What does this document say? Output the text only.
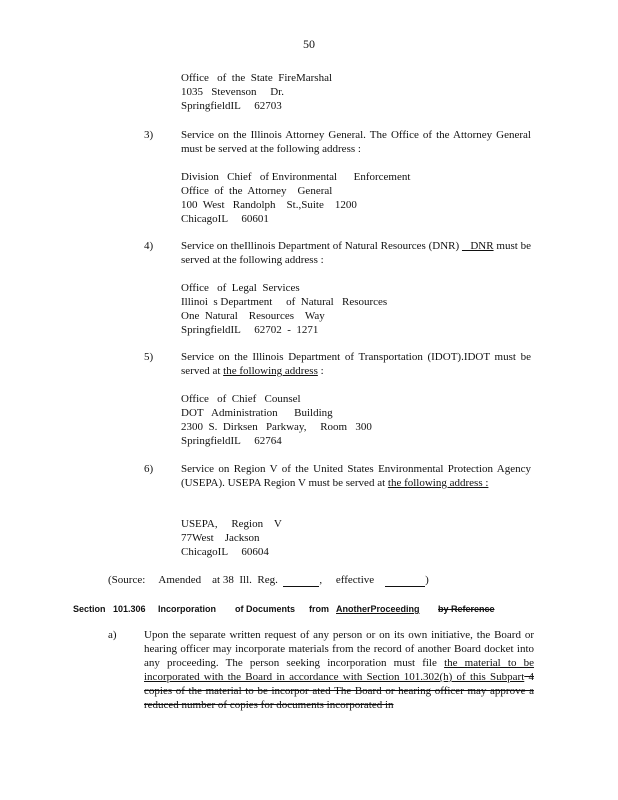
50
Office   of  the  State  FireMarshal
1035   Stevenson     Dr.
SpringfieldIL     62703
3)	Service on the Illinois Attorney General. The Office of the Attorney General must be served at the following address :
Division   Chief   of Environmental      Enforcement
Office  of  the  Attorney    General
100  West   Randolph    St.,Suite    1200
ChicagoIL     60601
4)	Service on theIllinois Department of Natural Resources (DNR) _ DNR must be served at the following address :
Office   of  Legal  Services
Illinoi  s Department     of  Natural   Resources
One  Natural    Resources    Way
SpringfieldIL     62702  -  1271
5)	Service on the Illinois Department of Transportation (IDOT).IDOT must be served at the following address :
Office   of  Chief   Counsel
DOT   Administration      Building
2300  S.  Dirksen   Parkway,     Room   300
SpringfieldIL     62764
6)	Service on Region V of the United States Environmental Protection Agency (USEPA). USEPA Region V must be served at the following address :
USEPA,     Region    V
77West    Jackson
ChicagoIL     60604
(Source:     Amended    at 38  Ill.  Reg.	,     effective	)
Section 101.306 Incorporation of Documents from AnotherProceeding by Reference
a) Upon the separate written request of any person or on its own initiative, the Board or hearing officer may incorporate materials from the record of another Board docket into any proceeding. The person seeking incorporation must file the material to be incorporated with the Board in accordance with Section 101.302(h) of this Subpart 4 copies of the material to be incorpor ated The Board or hearing officer may approve a reduced number of copies for documents incorporated in
